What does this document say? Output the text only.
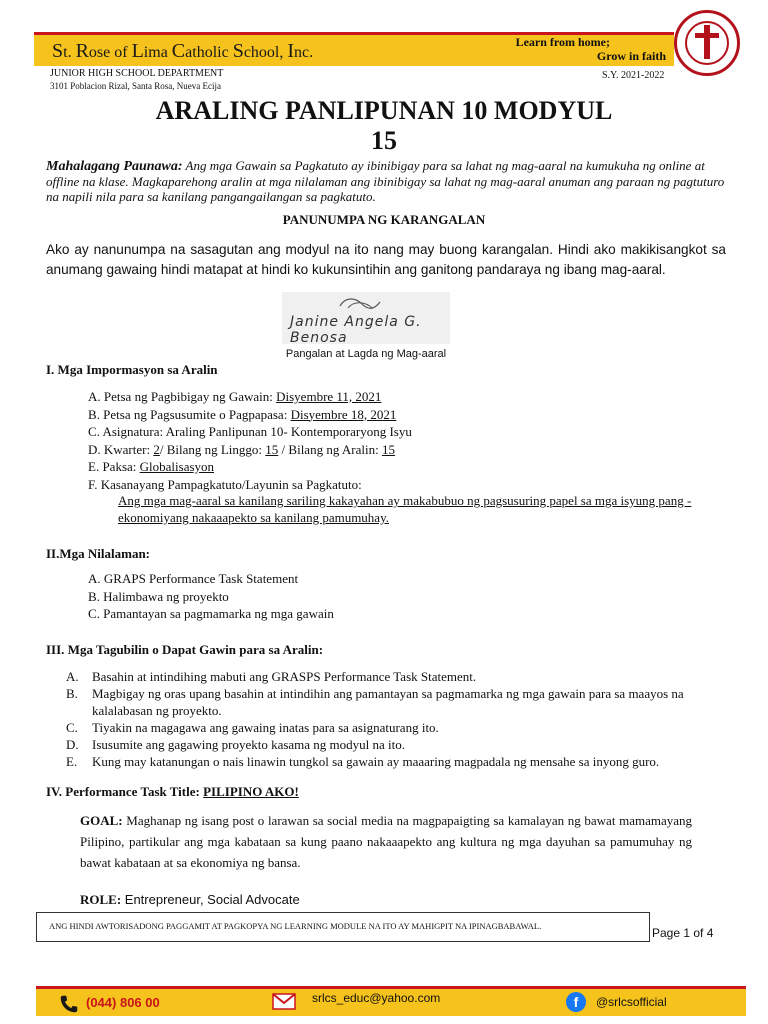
St. Rose of Lima Catholic School, Inc.
Learn from home;
Grow in faith
JUNIOR HIGH SCHOOL DEPARTMENT
3101 Poblacion Rizal, Santa Rosa, Nueva Ecija
S.Y. 2021-2022
ARALING PANLIPUNAN 10 MODYUL
15
Mahalagang Paunawa: Ang mga Gawain sa Pagkatuto ay ibinibigay para sa lahat ng mag-aaral na kumukuha ng online at offline na klase. Magkaparehong aralin at mga nilalaman ang ibinibigay sa lahat ng mag-aaral anuman ang paraan ng pagtuturo na napili nila para sa kanilang pangangailangan sa pagkatuto.
PANUNUMPA NG KARANGALAN
Ako ay nanunumpa na sasagutan ang modyul na ito nang may buong karangalan. Hindi ako makikisangkot sa anumang gawaing hindi matapat at hindi ko kukunsintihin ang ganitong pandaraya ng ibang mag-aaral.
Janine Angela G. Benosa
Pangalan at Lagda ng Mag-aaral
I. Mga Impormasyon sa Aralin
A. Petsa ng Pagbibigay ng Gawain: Disyembre 11, 2021
B. Petsa ng Pagsusumite o Pagpapasa: Disyembre 18, 2021
C. Asignatura: Araling Panlipunan 10- Kontemporaryong Isyu
D. Kwarter: 2/ Bilang ng Linggo: 15 / Bilang ng Aralin: 15
E. Paksa: Globalisasyon
F. Kasanayang Pampagkatuto/Layunin sa Pagkatuto:
Ang mga mag-aaral sa kanilang sariling kakayahan ay makabubuo ng pagsusuring papel sa mga isyung pang -ekonomiyang nakaaapekto sa kanilang pamumuhay.
II.Mga Nilalaman:
A. GRAPS Performance Task Statement
B. Halimbawa ng proyekto
C. Pamantayan sa pagmamarka ng mga gawain
III. Mga Tagubilin o Dapat Gawin para sa Aralin:
A.	Basahin at intindihing mabuti ang GRASPS Performance Task Statement.
B.	Magbigay ng oras upang basahin at intindihin ang pamantayan sa pagmamarka ng mga gawain para sa maayos na kalalabasan ng proyekto.
C.	Tiyakin na magagawa ang gawaing inatas para sa asignaturang ito.
D.	Isusumite ang gagawing proyekto kasama ng modyul na ito.
E.	Kung may katanungan o nais linawin tungkol sa gawain ay maaaring magpadala ng mensahe sa inyong guro.
IV. Performance Task Title: PILIPINO AKO!
GOAL: Maghanap ng isang post o larawan sa social media na magpapaigting sa kamalayan ng bawat mamamayang Pilipino, partikular ang mga kabataan sa kung paano nakaaapekto ang kultura ng mga dayuhan sa pamumuhay ng bawat kabataan at sa ekonomiya ng bansa.
ROLE: Entrepreneur, Social Advocate
ANG HINDI AWTORISADONG PAGGAMIT AT PAGKOPYA NG LEARNING MODULE NA ITO AY MAHIGPIT NA IPINAGBABAWAL.	Page 1 of 4
(044) 806 00	srlcs_educ@yahoo.com	f	@srlcsofficial
